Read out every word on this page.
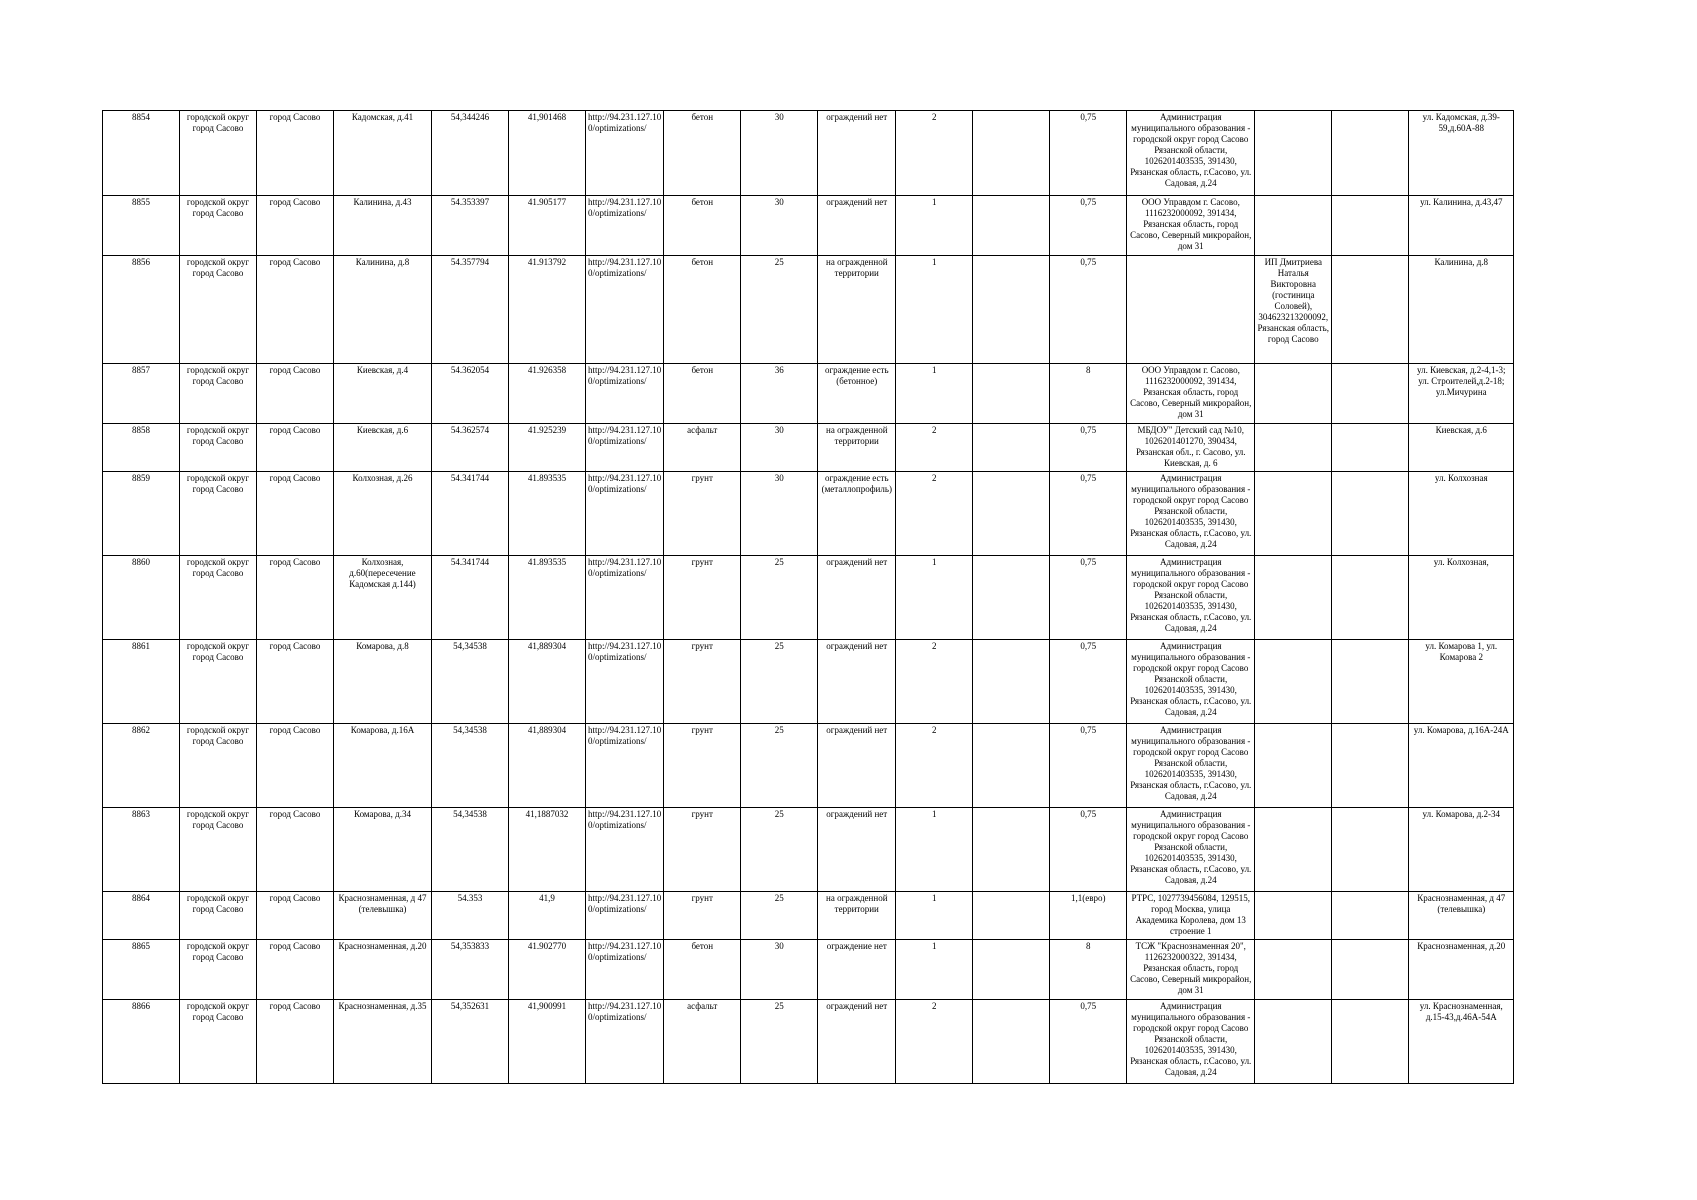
8854	городской округ город Сасово	город Сасово	Кадомская, д.41	54,344246	41,901468	http://94.231.127.10 0/optimizations/	бетон	30	ограждений нет	2		0,75	Администрация муниципального образования - городской округ город Сасово Рязанской области, 1026201403535, 391430, Рязанская область, г.Сасово, ул. Садовая, д.24			ул. Кадомская, д.39-59,д.60А-88
8855	городской округ город Сасово	город Сасово	Калинина, д.43	54.353397	41.905177	http://94.231.127.10 0/optimizations/	бетон	30	ограждений нет	1		0,75	ООО Управдом г. Сасово, 1116232000092, 391434, Рязанская область, город Сасово, Северный микрорайон, дом 31			ул. Калинина, д.43,47
8856	городской округ город Сасово	город Сасово	Калинина, д.8	54.357794	41.913792	http://94.231.127.10 0/optimizations/	бетон	25	на огражденной территории	1		0,75		ИП Дмитриева Наталья Викторовна (гостиница Соловей), 304623213200092, Рязанская область, город Сасово		Калинина, д.8
8857	городской округ город Сасово	город Сасово	Киевская, д.4	54.362054	41.926358	http://94.231.127.10 0/optimizations/	бетон	36	ограждение есть (бетонное)	1		8	ООО Управдом г. Сасово, 1116232000092, 391434, Рязанская область, город Сасово, Северный микрорайон, дом 31			ул. Киевская, д.2-4,1-3; ул. Строителей,д.2-18; ул.Мичурина
8858	городской округ город Сасово	город Сасово	Киевская, д.6	54.362574	41.925239	http://94.231.127.10 0/optimizations/	асфальт	30	на огражденной территории	2		0,75	МБДОУ" Детский сад №10, 1026201401270, 390434, Рязанская обл., г. Сасово, ул. Киевская, д. 6			Киевская, д.6
8859	городской округ город Сасово	город Сасово	Колхозная, д.26	54.341744	41.893535	http://94.231.127.10 0/optimizations/	грунт	30	ограждение есть (металлопрофиль)	2		0,75	Администрация муниципального образования - городской округ город Сасово Рязанской области, 1026201403535, 391430, Рязанская область, г.Сасово, ул. Садовая, д.24			ул. Колхозная
8860	городской округ город Сасово	город Сасово	Колхозная, д.60(пересечение Кадомская д.144)	54.341744	41.893535	http://94.231.127.10 0/optimizations/	грунт	25	ограждений нет	1		0,75	Администрация муниципального образования - городской округ город Сасово Рязанской области, 1026201403535, 391430, Рязанская область, г.Сасово, ул. Садовая, д.24			ул. Колхозная,
8861	городской округ город Сасово	город Сасово	Комарова, д.8	54,34538	41,889304	http://94.231.127.10 0/optimizations/	грунт	25	ограждений нет	2		0,75	Администрация муниципального образования - городской округ город Сасово Рязанской области, 1026201403535, 391430, Рязанская область, г.Сасово, ул. Садовая, д.24			ул. Комарова 1, ул. Комарова 2
8862	городской округ город Сасово	город Сасово	Комарова, д.16А	54,34538	41,889304	http://94.231.127.10 0/optimizations/	грунт	25	ограждений нет	2		0,75	Администрация муниципального образования - городской округ город Сасово Рязанской области, 1026201403535, 391430, Рязанская область, г.Сасово, ул. Садовая, д.24			ул. Комарова, д.16А-24А
8863	городской округ город Сасово	город Сасово	Комарова, д.34	54,34538	41,1887032	http://94.231.127.10 0/optimizations/	грунт	25	ограждений нет	1		0,75	Администрация муниципального образования - городской округ город Сасово Рязанской области, 1026201403535, 391430, Рязанская область, г.Сасово, ул. Садовая, д.24			ул. Комарова, д.2-34
8864	городской округ город Сасово	город Сасово	Краснознаменная, д 47 (телевышка)	54.353	41,9	http://94.231.127.10 0/optimizations/	грунт	25	на огражденной территории	1		1,1(евро)	РТРС, 1027739456084, 129515, город Москва, улица Академика Королева, дом 13 строение 1			Краснознаменная, д 47 (телевышка)
8865	городской округ город Сасово	город Сасово	Краснознаменная, д.20	54,353833	41.902770	http://94.231.127.10 0/optimizations/	бетон	30	ограждение нет	1		8	ТСЖ "Краснознаменная 20", 1126232000322, 391434, Рязанская область, город Сасово, Северный микрорайон, дом 31			Краснознаменная, д.20
8866	городской округ город Сасово	город Сасово	Краснознаменная, д.35	54,352631	41,900991	http://94.231.127.10 0/optimizations/	асфальт	25	ограждений нет	2		0,75	Администрация муниципального образования - городской округ город Сасово Рязанской области, 1026201403535, 391430, Рязанская область, г.Сасово, ул. Садовая, д.24			ул. Краснознаменная, д.15-43,д.46А-54А
